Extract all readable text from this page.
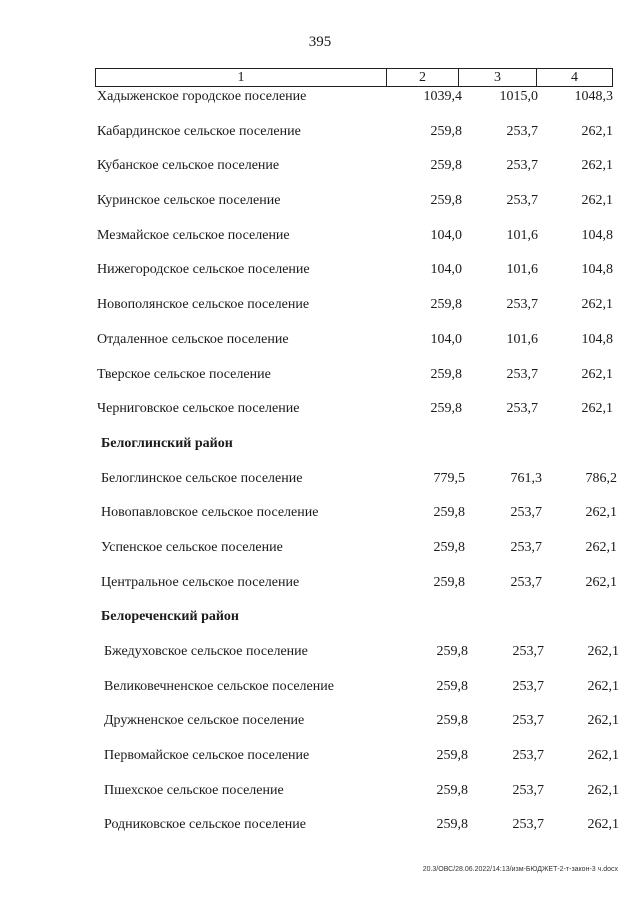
395
1	2	3	4
Хадыженское городское поселение	1039,4	1015,0	1048,3
Кабардинское сельское поселение	259,8	253,7	262,1
Кубанское сельское поселение	259,8	253,7	262,1
Куринское сельское поселение	259,8	253,7	262,1
Мезмайское сельское поселение	104,0	101,6	104,8
Нижегородское сельское поселение	104,0	101,6	104,8
Новополянское сельское поселение	259,8	253,7	262,1
Отдаленное сельское поселение	104,0	101,6	104,8
Тверское сельское поселение	259,8	253,7	262,1
Черниговское сельское поселение	259,8	253,7	262,1
Белоглинский район
Белоглинское сельское поселение	779,5	761,3	786,2
Новопавловское сельское поселение	259,8	253,7	262,1
Успенское сельское поселение	259,8	253,7	262,1
Центральное сельское поселение	259,8	253,7	262,1
Белореченский район
Бжедуховское сельское поселение	259,8	253,7	262,1
Великовечненское сельское поселение	259,8	253,7	262,1
Дружненское сельское поселение	259,8	253,7	262,1
Первомайское сельское поселение	259,8	253,7	262,1
Пшехское сельское поселение	259,8	253,7	262,1
Родниковское сельское поселение	259,8	253,7	262,1
20.3/ОВС/28.06.2022/14:13/изм-БЮДЖЕТ-2-т-закон-3 ч.docx
